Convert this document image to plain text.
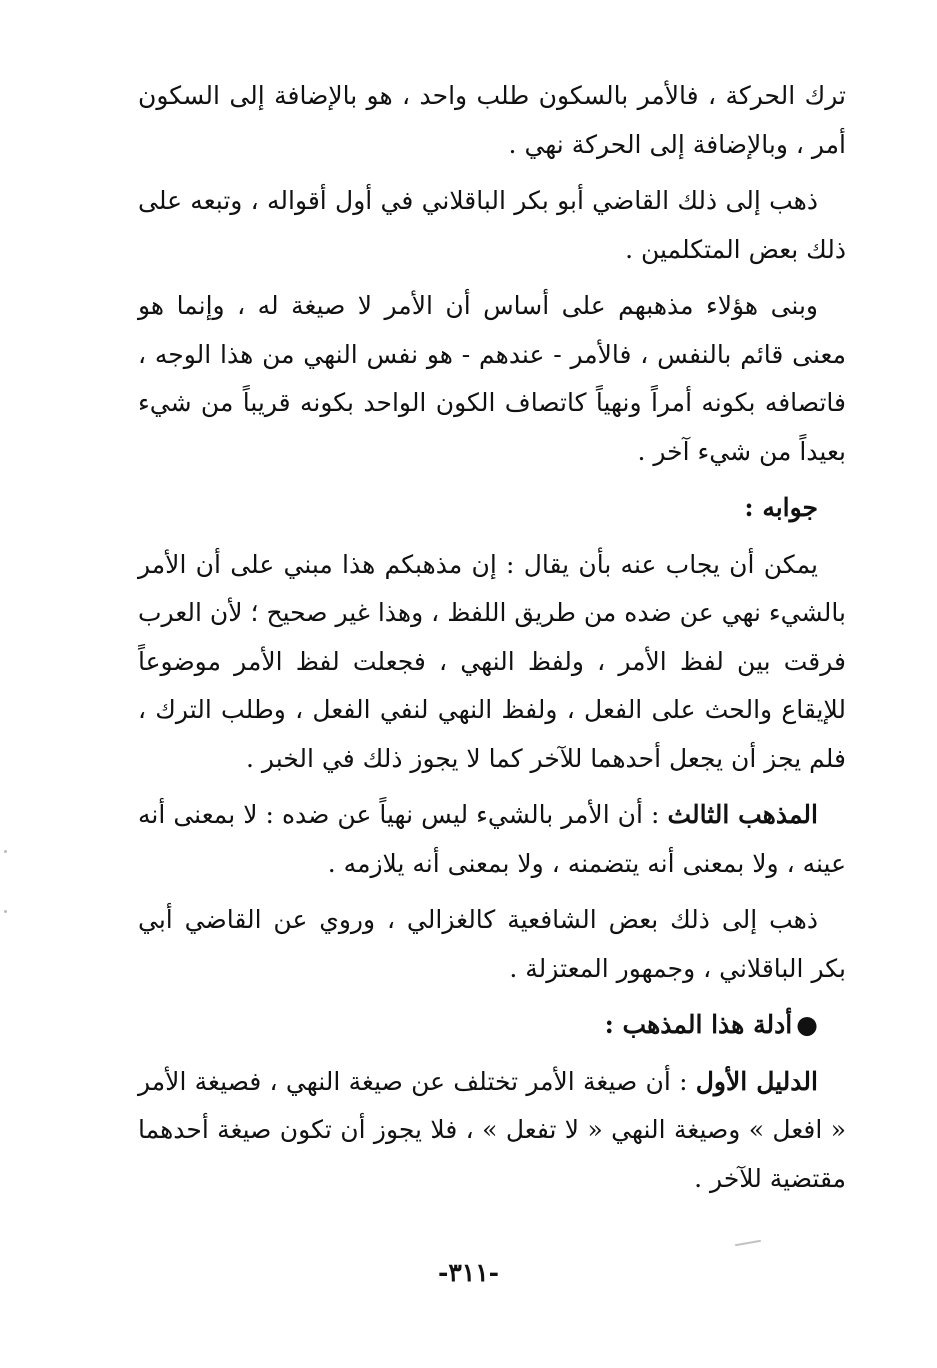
ترك الحركة ، فالأمر بالسكون طلب واحد ، هو بالإضافة إلى السكون أمر ، وبالإضافة إلى الحركة نهي .

ذهب إلى ذلك القاضي أبو بكر الباقلاني في أول أقواله ، وتبعه على ذلك بعض المتكلمين .

وبنى هؤلاء مذهبهم على أساس أن الأمر لا صيغة له ، وإنما هو معنى قائم بالنفس ، فالأمر - عندهم - هو نفس النهي من هذا الوجه ، فاتصافه بكونه أمراً ونهياً كاتصاف الكون الواحد بكونه قريباً من شيء بعيداً من شيء آخر .

جوابه :

يمكن أن يجاب عنه بأن يقال : إن مذهبكم هذا مبني على أن الأمر بالشيء نهي عن ضده من طريق اللفظ ، وهذا غير صحيح ؛ لأن العرب فرقت بين لفظ الأمر ، ولفظ النهي ، فجعلت لفظ الأمر موضوعاً للإيقاع والحث على الفعل ، ولفظ النهي لنفي الفعل ، وطلب الترك ، فلم يجز أن يجعل أحدهما للآخر كما لا يجوز ذلك في الخبر .

المذهب الثالث : أن الأمر بالشيء ليس نهياً عن ضده : لا بمعنى أنه عينه ، ولا بمعنى أنه يتضمنه ، ولا بمعنى أنه يلازمه .

ذهب إلى ذلك بعض الشافعية كالغزالي ، وروي عن القاضي أبي بكر الباقلاني ، وجمهور المعتزلة .

●أدلة هذا المذهب :

الدليل الأول : أن صيغة الأمر تختلف عن صيغة النهي ، فصيغة الأمر « افعل » وصيغة النهي « لا تفعل » ، فلا يجوز أن تكون صيغة أحدهما مقتضية للآخر .

-٣١١-
